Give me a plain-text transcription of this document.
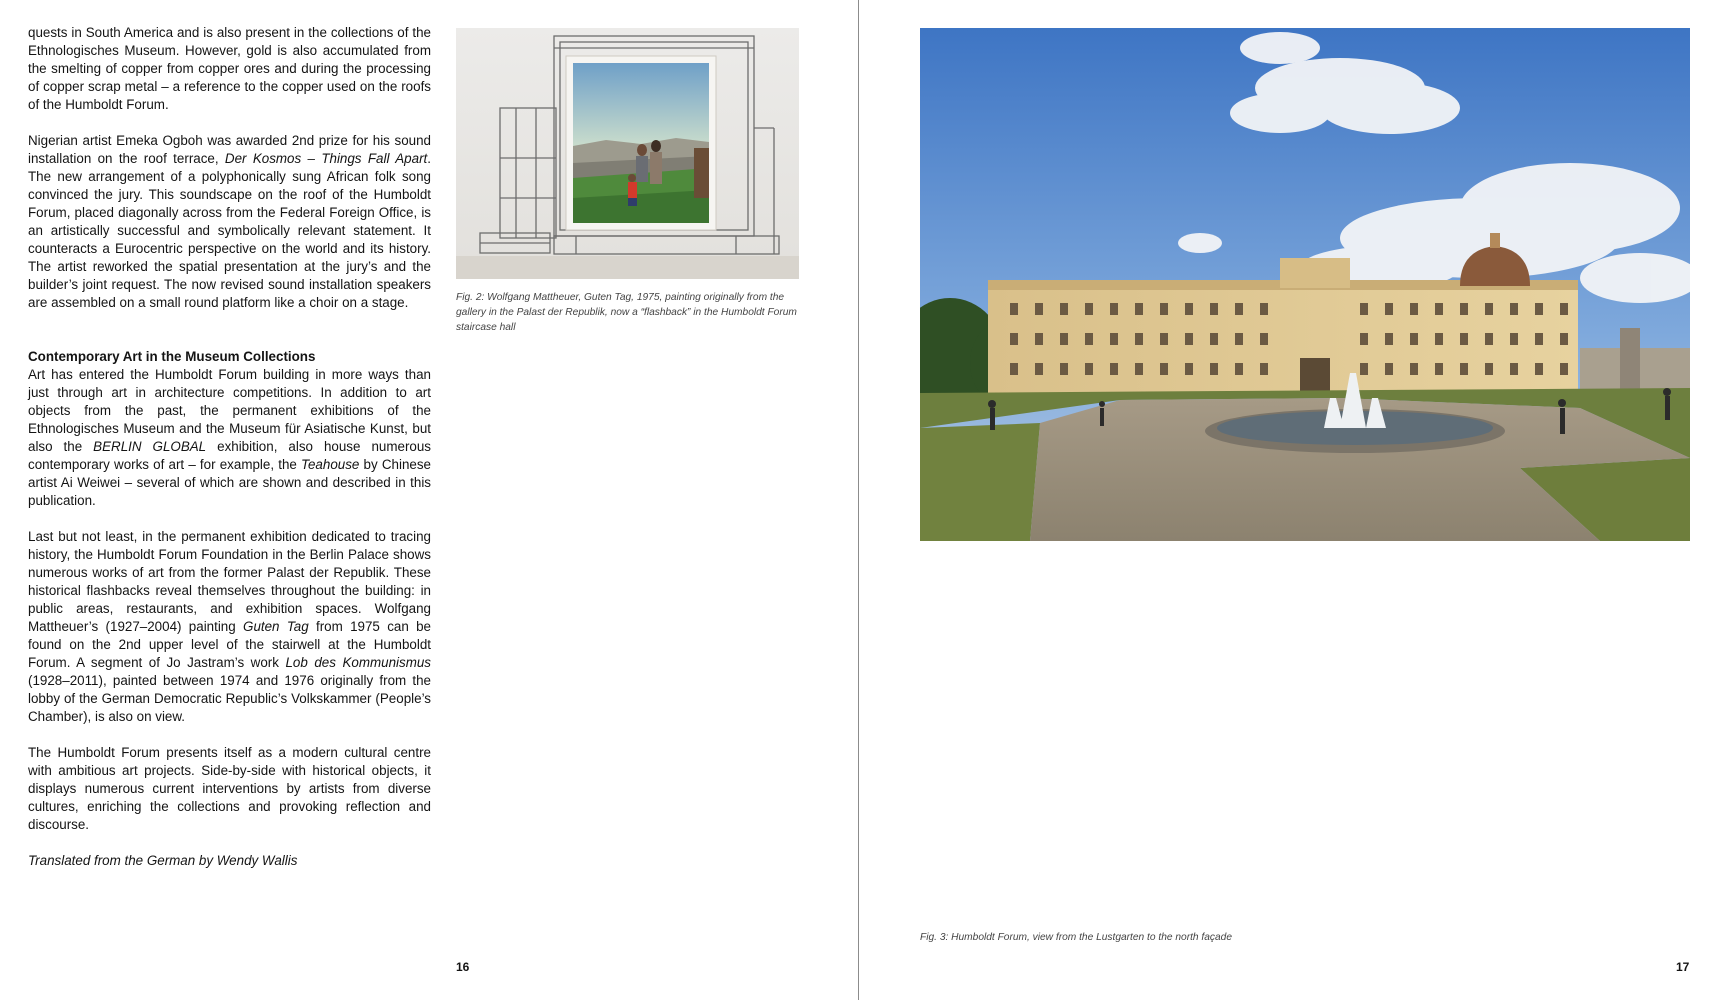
quests in South America and is also present in the collections of the Ethnologisches Museum. However, gold is also accumulated from the smelting of copper from copper ores and during the processing of copper scrap metal – a reference to the copper used on the roofs of the Humboldt Forum.

Nigerian artist Emeka Ogboh was awarded 2nd prize for his sound installation on the roof terrace, Der Kosmos – Things Fall Apart. The new arrangement of a polyphonically sung African folk song convinced the jury. This soundscape on the roof of the Humboldt Forum, placed diagonally across from the Federal Foreign Office, is an artistically successful and symbolically relevant statement. It counteracts a Eurocentric perspective on the world and its history. The artist reworked the spatial presentation at the jury’s and the builder’s joint request. The now revised sound installation speakers are assembled on a small round platform like a choir on a stage.

Contemporary Art in the Museum Collections

Art has entered the Humboldt Forum building in more ways than just through art in architecture competitions. In addition to art objects from the past, the permanent exhibitions of the Ethnologisches Museum and the Museum für Asiatische Kunst, but also the BERLIN GLOBAL exhibition, also house numerous contemporary works of art – for example, the Teahouse by Chinese artist Ai Weiwei – several of which are shown and described in this publication.

Last but not least, in the permanent exhibition dedicated to tracing history, the Humboldt Forum Foundation in the Berlin Palace shows numerous works of art from the former Palast der Republik. These historical flashbacks reveal themselves throughout the building: in public areas, restaurants, and exhibition spaces. Wolfgang Mattheuer’s (1927–2004) painting Guten Tag from 1975 can be found on the 2nd upper level of the stairwell at the Humboldt Forum. A segment of Jo Jastram’s work Lob des Kommunismus (1928–2011), painted between 1974 and 1976 originally from the lobby of the German Democratic Republic’s Volkskammer (People’s Chamber), is also on view.

The Humboldt Forum presents itself as a modern cultural centre with ambitious art projects. Side-by-side with historical objects, it displays numerous current interventions by artists from diverse cultures, enriching the collections and provoking reflection and discourse.

Translated from the German by Wendy Wallis

Fig. 2: Wolfgang Mattheuer, Guten Tag, 1975, painting originally from the gallery in the Palast der Republik, now a “flashback” in the Humboldt Forum staircase hall
16
Fig. 3: Humboldt Forum, view from the Lustgarten to the north façade
17
